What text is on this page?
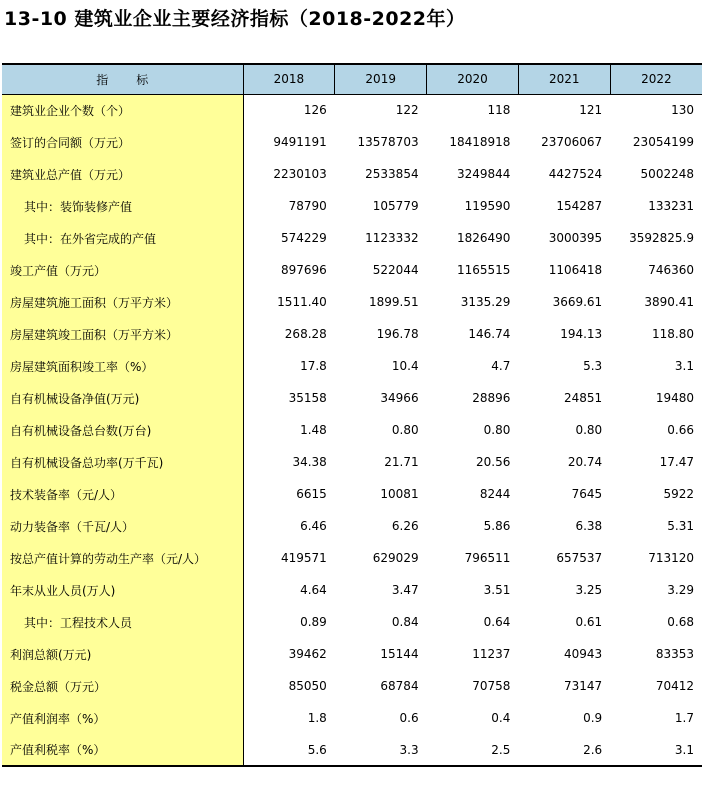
13-10 建筑业企业主要经济指标（2018-2022年）
指标	2018	2019	2020	2021	2022
建筑业企业个数（个）	126	122	118	121	130
签订的合同额（万元）	9491191	13578703	18418918	23706067	23054199
建筑业总产值（万元）	2230103	2533854	3249844	4427524	5002248
其中：装饰装修产值	78790	105779	119590	154287	133231
其中：在外省完成的产值	574229	1123332	1826490	3000395	3592825.9
竣工产值（万元）	897696	522044	1165515	1106418	746360
房屋建筑施工面积（万平方米）	1511.40	1899.51	3135.29	3669.61	3890.41
房屋建筑竣工面积（万平方米）	268.28	196.78	146.74	194.13	118.80
房屋建筑面积竣工率（%）	17.8	10.4	4.7	5.3	3.1
自有机械设备净值(万元)	35158	34966	28896	24851	19480
自有机械设备总台数(万台)	1.48	0.80	0.80	0.80	0.66
自有机械设备总功率(万千瓦)	34.38	21.71	20.56	20.74	17.47
技术装备率（元/人）	6615	10081	8244	7645	5922
动力装备率（千瓦/人）	6.46	6.26	5.86	6.38	5.31
按总产值计算的劳动生产率（元/人）	419571	629029	796511	657537	713120
年末从业人员(万人)	4.64	3.47	3.51	3.25	3.29
其中：工程技术人员	0.89	0.84	0.64	0.61	0.68
利润总额(万元)	39462	15144	11237	40943	83353
税金总额（万元）	85050	68784	70758	73147	70412
产值利润率（%）	1.8	0.6	0.4	0.9	1.7
产值利税率（%）	5.6	3.3	2.5	2.6	3.1
